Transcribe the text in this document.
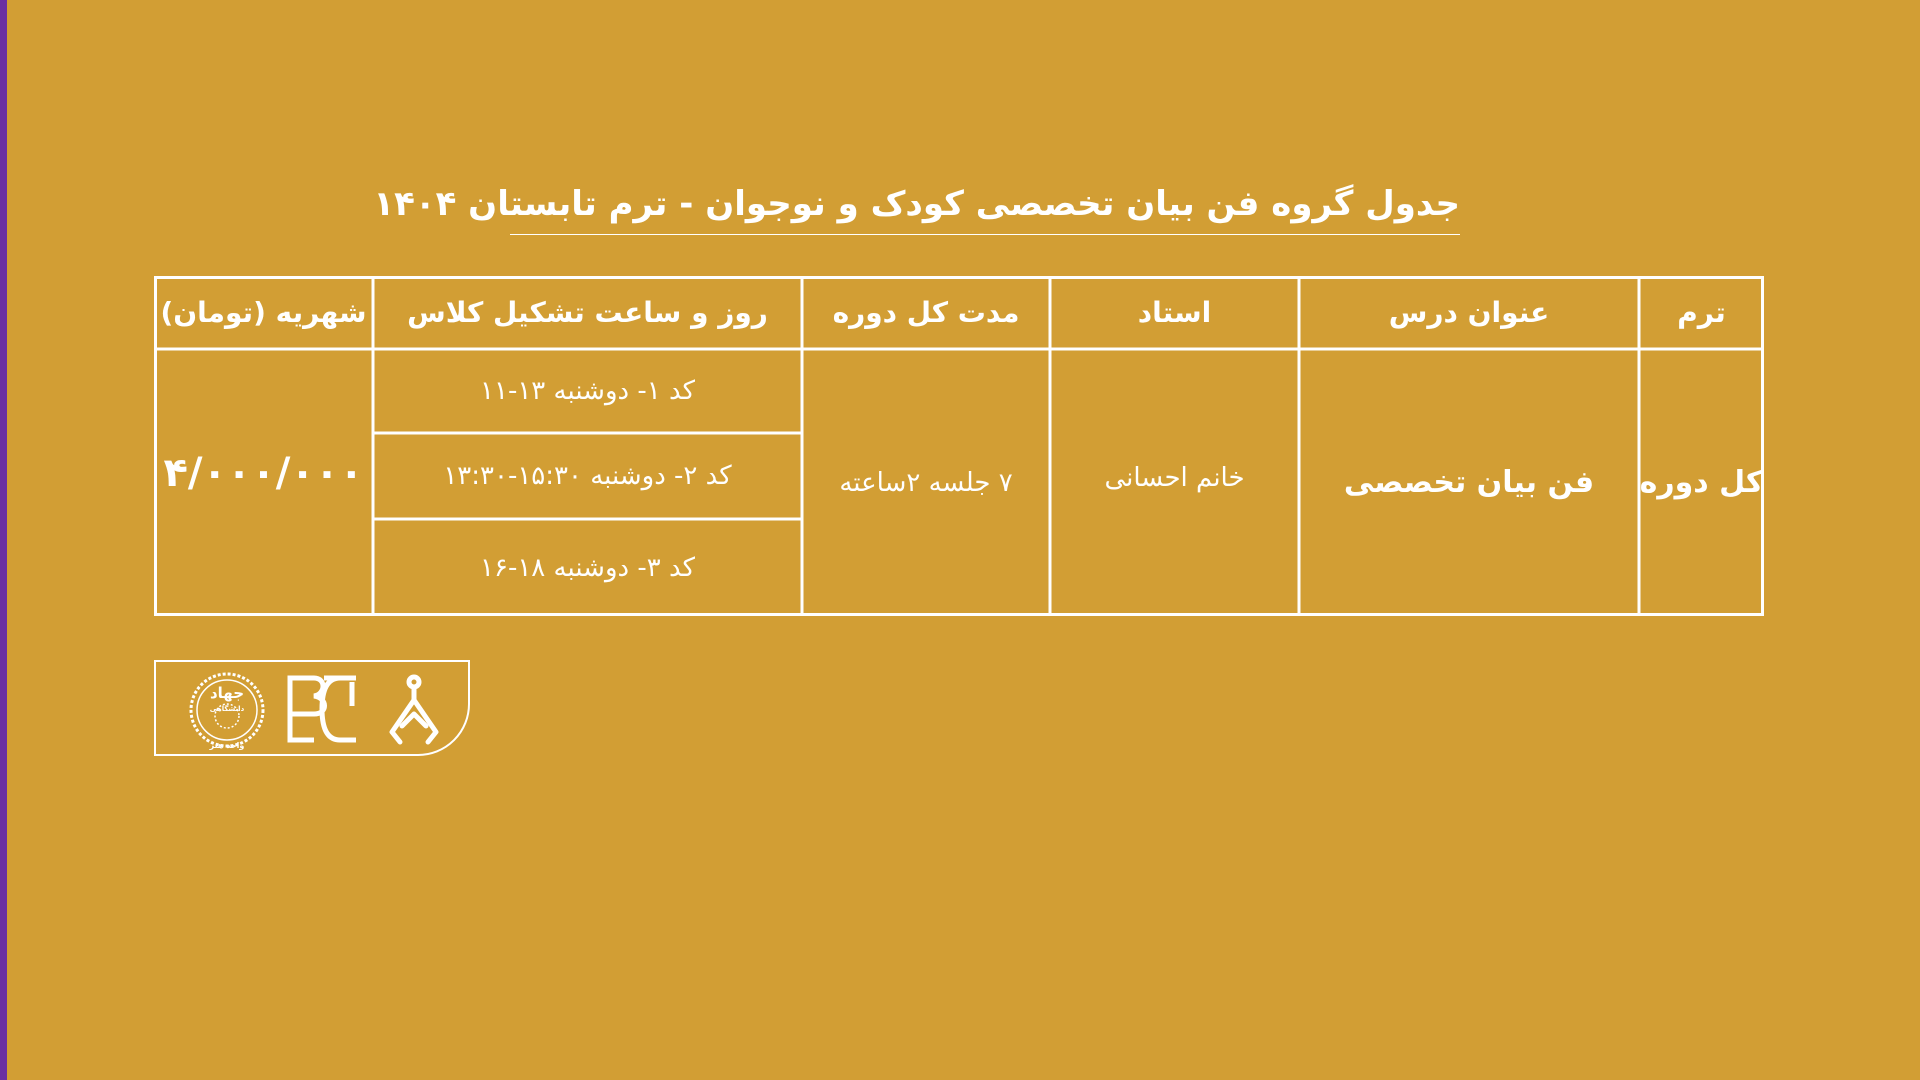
جدول گروه فن بیان تخصصی کودک و نوجوان - ترم تابستان ۱۴۰۴
ترم
عنوان درس
استاد
مدت کل دوره
روز و ساعت تشکیل کلاس
شهریه (تومان)
کل دوره
فن بیان تخصصی
خانم احسانی
۷ جلسه ۲ساعته
کد ۱- دوشنبه ۱۳-۱۱
کد ۲- دوشنبه ۱۵:۳۰-۱۳:۳۰
کد ۳- دوشنبه ۱۸-۱۶
۴/۰۰۰/۰۰۰
جهاد
دانشگاهی
واحد هنر
